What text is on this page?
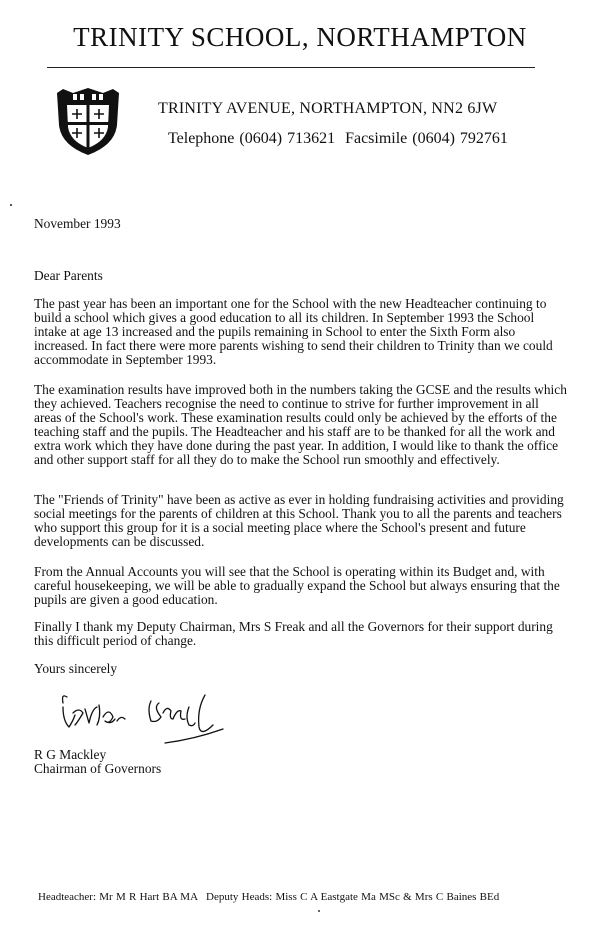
TRINITY SCHOOL, NORTHAMPTON
TRINITY AVENUE, NORTHAMPTON, NN2 6JW
Telephone (0604) 713621 Facsimile (0604) 792761
November 1993
Dear Parents

The past year has been an important one for the School with the new Headteacher continuing to build a school which gives a good education to all its children. In September 1993 the School intake at age 13 increased and the pupils remaining in School to enter the Sixth Form also increased. In fact there were more parents wishing to send their children to Trinity than we could accommodate in September 1993.

The examination results have improved both in the numbers taking the GCSE and the results which they achieved. Teachers recognise the need to continue to strive for further improvement in all areas of the School's work. These examination results could only be achieved by the efforts of the teaching staff and the pupils. The Headteacher and his staff are to be thanked for all the work and extra work which they have done during the past year. In addition, I would like to thank the office and other support staff for all they do to make the School run smoothly and effectively.

The "Friends of Trinity" have been as active as ever in holding fundraising activities and providing social meetings for the parents of children at this School. Thank you to all the parents and teachers who support this group for it is a social meeting place where the School's present and future developments can be discussed.

From the Annual Accounts you will see that the School is operating within its Budget and, with careful housekeeping, we will be able to gradually expand the School but always ensuring that the pupils are given a good education.

Finally I thank my Deputy Chairman, Mrs S Freak and all the Governors for their support during this difficult period of change.

Yours sincerely
R G Mackley
Chairman of Governors
Headteacher: Mr M R Hart BA MA Deputy Heads: Miss C A Eastgate Ma MSc & Mrs C Baines BEd
